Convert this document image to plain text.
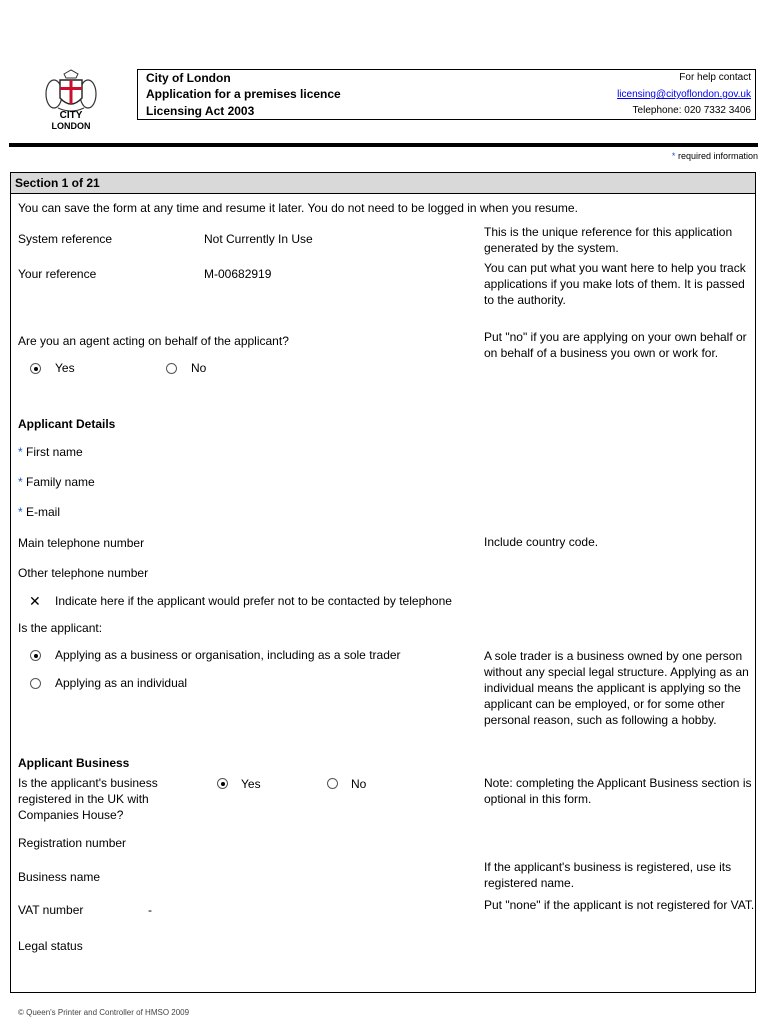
CITY
LONDON
City of London
Application for a premises licence
Licensing Act 2003
For help contact
licensing@cityoflondon.gov.uk
Telephone: 020 7332 3406
* required information
Section 1 of 21
You can save the form at any time and resume it later. You do not need to be logged in when you resume.
System reference	Not Currently In Use	This is the unique reference for this application generated by the system.
Your reference	M-00682919	You can put what you want here to help you track applications if you make lots of them. It is passed to the authority.
Are you an agent acting on behalf of the applicant?	Put "no" if you are applying on your own behalf or on behalf of a business you own or work for.
Yes	No
Applicant Details
* First name
* Family name
* E-mail
Main telephone number	Include country code.
Other telephone number
✕ Indicate here if the applicant would prefer not to be contacted by telephone
Is the applicant:
Applying as a business or organisation, including as a sole trader
Applying as an individual
A sole trader is a business owned by one person without any special legal structure. Applying as an individual means the applicant is applying so the applicant can be employed, or for some other personal reason, such as following a hobby.
Applicant Business
Is the applicant's business registered in the UK with Companies House?
Yes	No	Note: completing the Applicant Business section is optional in this form.
Registration number
Business name
If the applicant's business is registered, use its registered name.
VAT number	-	Put "none" if the applicant is not registered for VAT.
Legal status
© Queen's Printer and Controller of HMSO 2009
